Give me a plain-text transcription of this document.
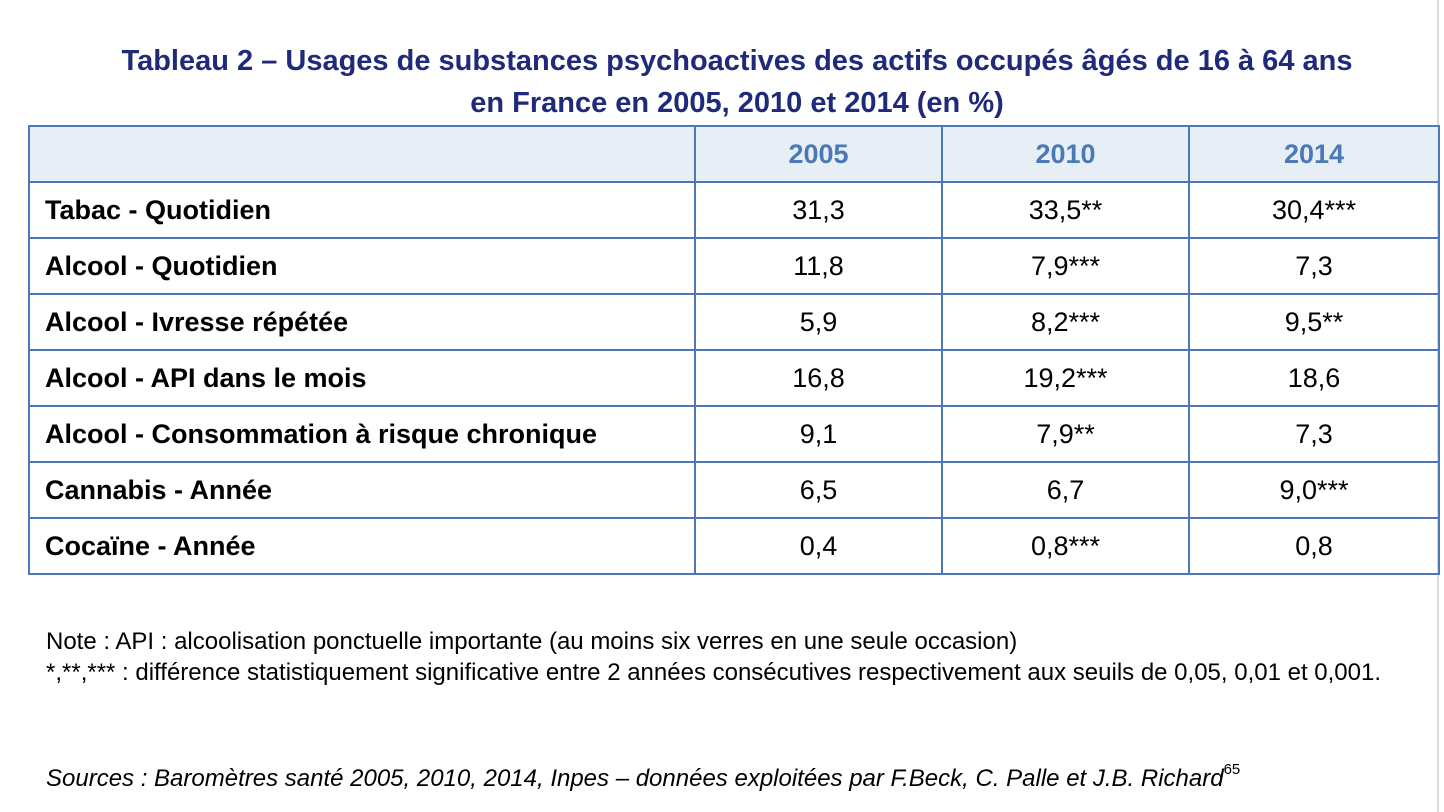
Tableau 2 – Usages de substances psychoactives des actifs occupés âgés de 16 à 64 ans
en France en 2005, 2010 et 2014 (en %)
	2005	2010	2014
Tabac - Quotidien	31,3	33,5**	30,4***
Alcool - Quotidien	11,8	7,9***	7,3
Alcool - Ivresse répétée	5,9	8,2***	9,5**
Alcool - API dans le mois	16,8	19,2***	18,6
Alcool - Consommation à risque chronique	9,1	7,9**	7,3
Cannabis - Année	6,5	6,7	9,0***
Cocaïne - Année	0,4	0,8***	0,8

Note : API : alcoolisation ponctuelle importante (au moins six verres en une seule occasion)

*,**,*** : différence statistiquement significative entre 2 années consécutives respectivement aux seuils de 0,05, 0,01 et 0,001.

Sources : Baromètres santé 2005, 2010, 2014, Inpes – données exploitées par F.Beck, C. Palle et J.B. Richard$^{65}$
